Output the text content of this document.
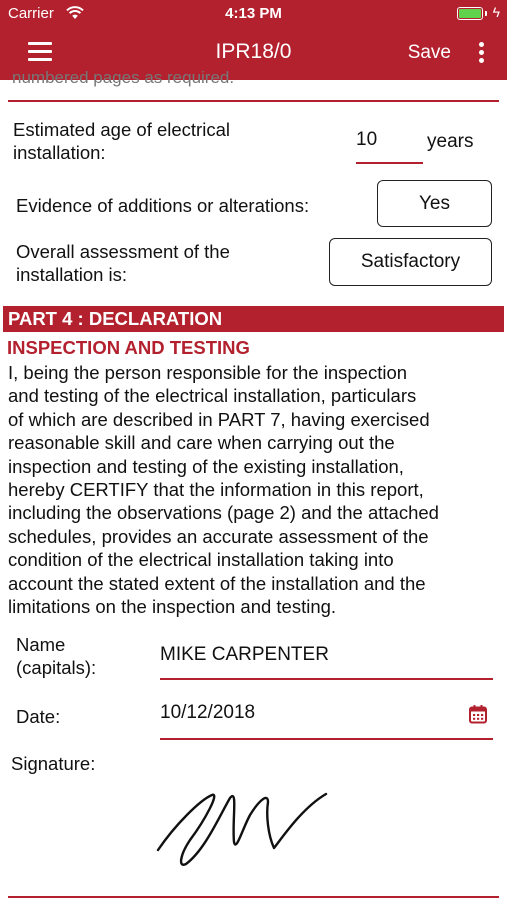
Carrier	4:13 PM	ϟ
IPR18/0	Save
numbered pages as required.
Estimated age of electrical installation:
10	years
Evidence of additions or alterations:	Yes
Overall assessment of the installation is:
Satisfactory
PART 4 : DECLARATION
INSPECTION AND TESTING
I, being the person responsible for the inspection
and testing of the electrical installation, particulars
of which are described in PART 7, having exercised
reasonable skill and care when carrying out the
inspection and testing of the existing installation,
hereby CERTIFY that the information in this report,
including the observations (page 2) and the attached
schedules, provides an accurate assessment of the
condition of the electrical installation taking into
account the stated extent of the installation and the
limitations on the inspection and testing.
Name
(capitals):
MIKE CARPENTER
Date:	10/12/2018
Signature:
